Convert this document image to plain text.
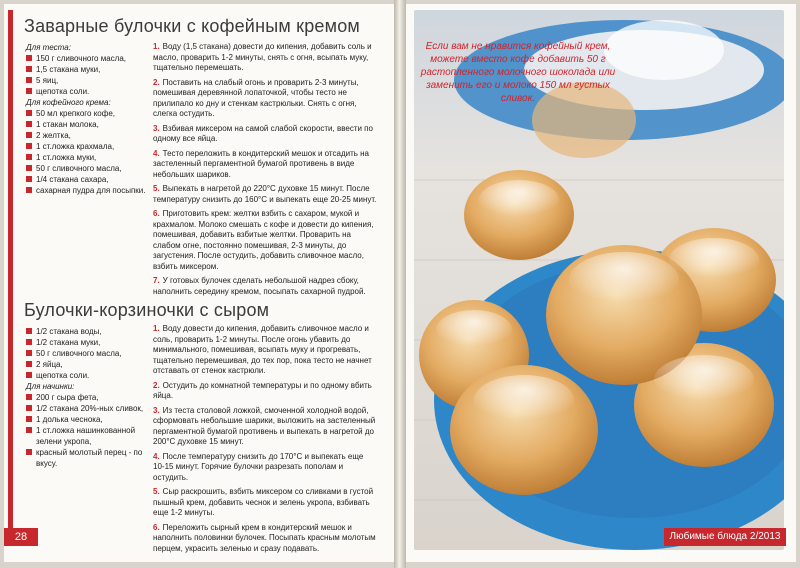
Заварные булочки с кофейным кремом
Для теста:
150 г сливочного масла,
1,5 стакана муки,
5 яиц,
щепотка соли.
Для кофейного крема:
50 мл крепкого кофе,
1 стакан молока,
2 желтка,
1 ст.ложка крахмала,
1 ст.ложка муки,
50 г сливочного масла,
1/4 стакана сахара,
сахарная пудра для посыпки.
1. Воду (1,5 стакана) довести до кипения, добавить соль и масло, проварить 1-2 минуты, снять с огня, всыпать муку, тщательно перемешать.
2. Поставить на слабый огонь и проварить 2-3 минуты, помешивая деревянной лопаточкой, чтобы тесто не прилипало ко дну и стенкам кастрюльки. Снять с огня, слегка остудить.
3. Взбивая миксером на самой слабой скорости, ввести по одному все яйца.
4. Тесто переложить в кондитерский мешок и отсадить на застеленный пергаментной бумагой противень в виде небольших шариков.
5. Выпекать в нагретой до 220°С духовке 15 минут. После температуру снизить до 160°С и выпекать еще 20-25 минут.
6. Приготовить крем: желтки взбить с сахаром, мукой и крахмалом. Молоко смешать с кофе и довести до кипения, помешивая, добавить взбитые желтки. Проварить на слабом огне, постоянно помешивая, 2-3 минуты, до загустения. После остудить, добавить сливочное масло, взбить миксером.
7. У готовых булочек сделать небольшой надрез сбоку, наполнить середину кремом, посыпать сахарной пудрой.
Булочки-корзиночки с сыром
1/2 стакана воды,
1/2 стакана муки,
50 г сливочного масла,
2 яйца,
щепотка соли.
Для начинки:
200 г сыра фета,
1/2 стакана 20%-ных сливок,
1 долька чеснока,
1 ст.ложка нашинкованной зелени укропа,
красный молотый перец - по вкусу.
1. Воду довести до кипения, добавить сливочное масло и соль, проварить 1-2 минуты. После огонь убавить до минимального, помешивая, всыпать муку и прогревать, тщательно перемешивая, до тех пор, пока тесто не начнет отставать от стенок кастрюли.
2. Остудить до комнатной температуры и по одному вбить яйца.
3. Из теста столовой ложкой, смоченной холодной водой, сформовать небольшие шарики, выложить на застеленный пергаментной бумагой противень и выпекать в нагретой до 200°С духовке 15 минут.
4. После температуру снизить до 170°С и выпекать еще 10-15 минут. Горячие булочки разрезать пополам и остудить.
5. Сыр раскрошить, взбить миксером со сливками в густой пышный крем, добавить чеснок и зелень укропа, взбивать еще 1-2 минуты.
6. Переложить сырный крем в кондитерский мешок и наполнить половинки булочек. Посыпать красным молотым перцем, украсить зеленью и сразу подавать.
28
Если вам не нравится кофейный крем, можете вместо кофе добавить 50 г растопленного молочного шоколада или заменить его и молоко 150 мл густых сливок.
Любимые блюда 2/2013
